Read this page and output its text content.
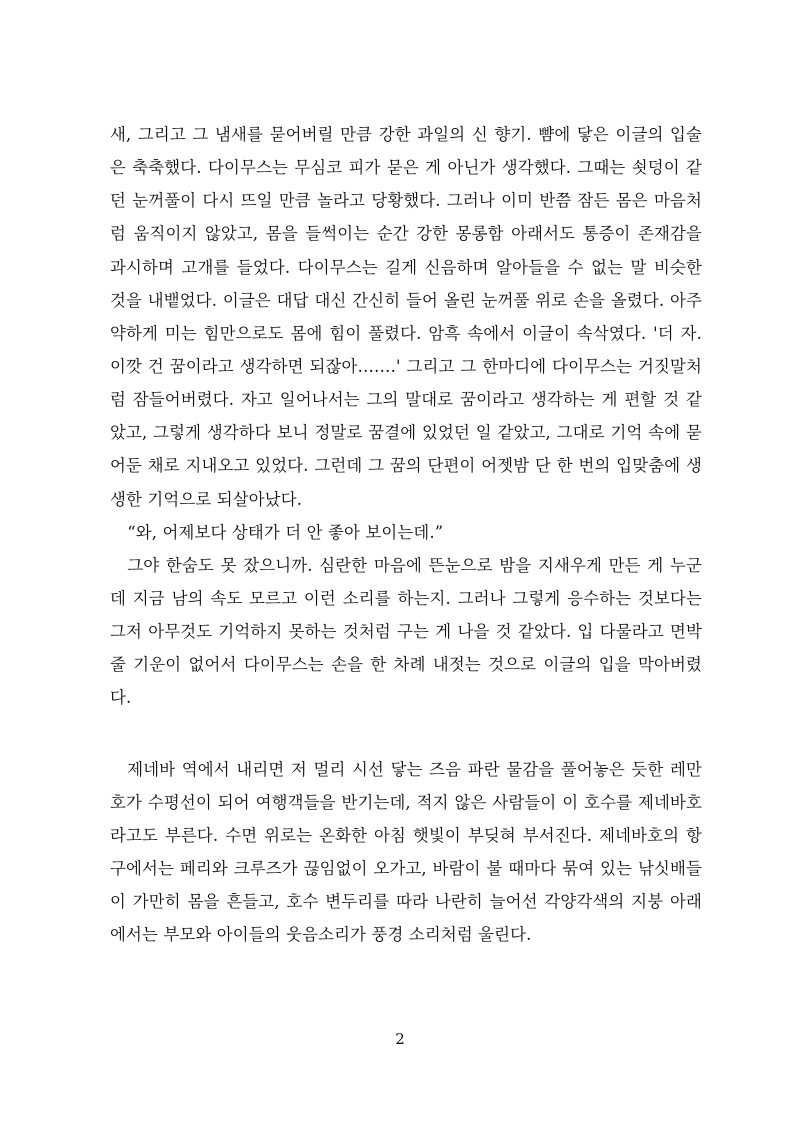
새, 그리고 그 냄새를 묻어버릴 만큼 강한 과일의 신 향기. 뺨에 닿은 이글의 입술은 축축했다. 다이무스는 무심코 피가 묻은 게 아닌가 생각했다. 그때는 쇳덩이 같던 눈꺼풀이 다시 뜨일 만큼 놀라고 당황했다. 그러나 이미 반쯤 잠든 몸은 마음처럼 움직이지 않았고, 몸을 들썩이는 순간 강한 몽롱함 아래서도 통증이 존재감을 과시하며 고개를 들었다. 다이무스는 길게 신음하며 알아들을 수 없는 말 비슷한 것을 내뱉었다. 이글은 대답 대신 간신히 들어 올린 눈꺼풀 위로 손을 올렸다. 아주 약하게 미는 힘만으로도 몸에 힘이 풀렸다. 암흑 속에서 이글이 속삭였다. '더 자. 이깟 건 꿈이라고 생각하면 되잖아…….' 그리고 그 한마디에 다이무스는 거짓말처럼 잠들어버렸다. 자고 일어나서는 그의 말대로 꿈이라고 생각하는 게 편할 것 같았고, 그렇게 생각하다 보니 정말로 꿈결에 있었던 일 같았고, 그대로 기억 속에 묻어둔 채로 지내오고 있었다. 그런데 그 꿈의 단편이 어젯밤 단 한 번의 입맞춤에 생생한 기억으로 되살아났다.

“와, 어제보다 상태가 더 안 좋아 보이는데.”

그야 한숨도 못 잤으니까. 심란한 마음에 뜬눈으로 밤을 지새우게 만든 게 누군데 지금 남의 속도 모르고 이런 소리를 하는지. 그러나 그렇게 응수하는 것보다는 그저 아무것도 기억하지 못하는 것처럼 구는 게 나을 것 같았다. 입 다물라고 면박 줄 기운이 없어서 다이무스는 손을 한 차례 내젓는 것으로 이글의 입을 막아버렸다.

제네바 역에서 내리면 저 멀리 시선 닿는 즈음 파란 물감을 풀어놓은 듯한 레만호가 수평선이 되어 여행객들을 반기는데, 적지 않은 사람들이 이 호수를 제네바호라고도 부른다. 수면 위로는 온화한 아침 햇빛이 부딪혀 부서진다. 제네바호의 항구에서는 페리와 크루즈가 끊임없이 오가고, 바람이 불 때마다 묶여 있는 낚싯배들이 가만히 몸을 흔들고, 호수 변두리를 따라 나란히 늘어선 각양각색의 지붕 아래에서는 부모와 아이들의 웃음소리가 풍경 소리처럼 울린다.

2
